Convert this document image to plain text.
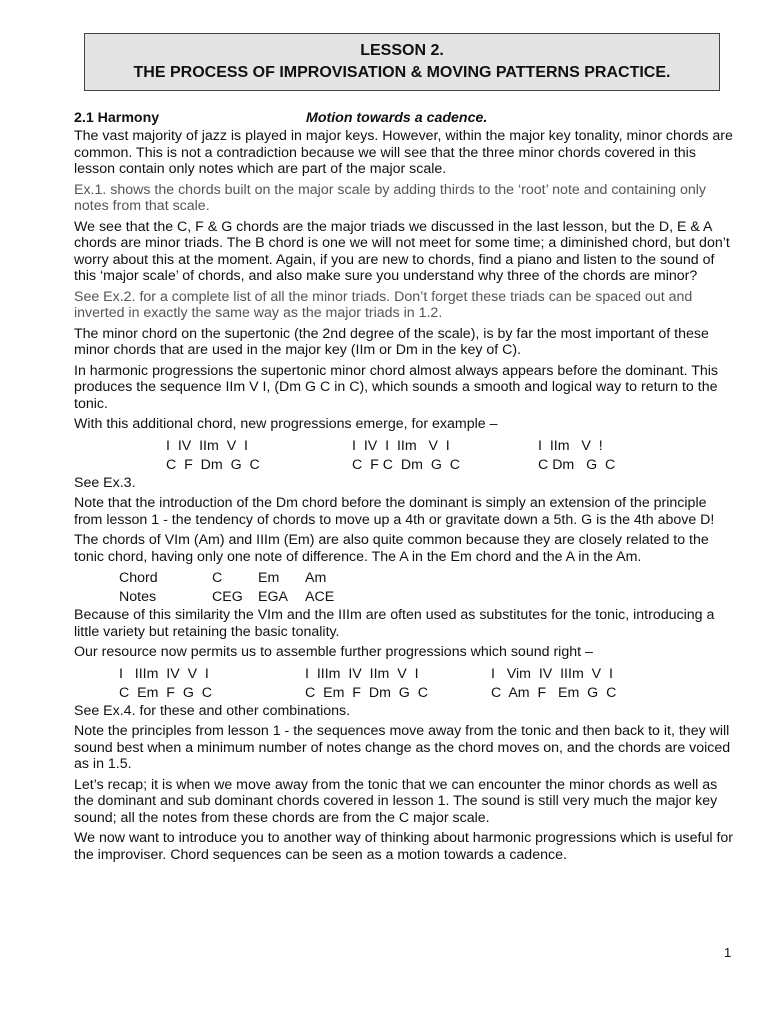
LESSON 2.
THE PROCESS OF IMPROVISATION & MOVING PATTERNS PRACTICE.
2.1 Harmony	Motion towards a cadence.

The vast majority of jazz is played in major keys. However, within the major key tonality, minor chords are common. This is not a contradiction because we will see that the three minor chords covered in this lesson contain only notes which are part of the major scale.

Ex.1. shows the chords built on the major scale by adding thirds to the ‘root’ note and containing only notes from that scale.

We see that the C, F & G chords are the major triads we discussed in the last lesson, but the D, E & A chords are minor triads. The B chord is one we will not meet for some time; a diminished chord, but don’t worry about this at the moment. Again, if you are new to chords, find a piano and listen to the sound of this ‘major scale’ of chords, and also make sure you understand why three of the chords are minor?

See Ex.2. for a complete list of all the minor triads. Don’t forget these triads can be spaced out and inverted in exactly the same way as the major triads in 1.2.

The minor chord on the supertonic (the 2nd degree of the scale), is by far the most important of these minor chords that are used in the major key (IIm or Dm in the key of C).

In harmonic progressions the supertonic minor chord almost always appears before the dominant. This produces the sequence IIm V I, (Dm G C in C), which sounds a smooth and logical way to return to the tonic.

With this additional chord, new progressions emerge, for example –

I  IV  IIm  V  I	I  IV  I  IIm   V  I	I  IIm   V  !
C  F  Dm  G  C	C  F C  Dm  G  C	C Dm   G  C

See Ex.3.

Note that the introduction of the Dm chord before the dominant is simply an extension of the principle from lesson 1 - the tendency of chords to move up a 4th or gravitate down a 5th. G is the 4th above D!

The chords of VIm (Am) and IIIm (Em) are also quite common because they are closely related to the tonic chord, having only one note of difference. The A in the Em chord and the A in the Am.

Chord	C	Em Am
Notes	CEG EGA ACE

Because of this similarity the VIm and the IIIm are often used as substitutes for the tonic, introducing a little variety but retaining the basic tonality.

Our resource now permits us to assemble further progressions which sound right –

I   IIIm  IV  V  I	I  IIIm  IV  IIm  V  I	I   Vim  IV  IIIm  V  I
C  Em  F  G  C	C  Em  F  Dm  G  C	C  Am  F   Em  G  C

See Ex.4. for these and other combinations.

Note the principles from lesson 1 - the sequences move away from the tonic and then back to it, they will sound best when a minimum number of notes change as the chord moves on, and the chords are voiced as in 1.5.

Let’s recap; it is when we move away from the tonic that we can encounter the minor chords as well as the dominant and sub dominant chords covered in lesson 1. The sound is still very much the major key sound; all the notes from these chords are from the C major scale.

We now want to introduce you to another way of thinking about harmonic progressions which is useful for the improviser. Chord sequences can be seen as a motion towards a cadence.

1
